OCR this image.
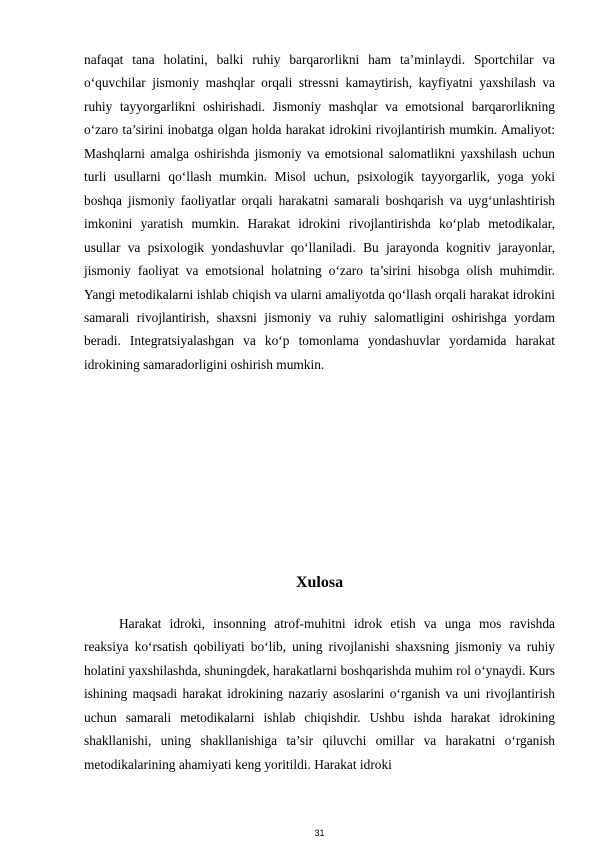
nafaqat tana holatini, balki ruhiy barqarorlikni ham ta’minlaydi. Sportchilar va o‘quvchilar jismoniy mashqlar orqali stressni kamaytirish, kayfiyatni yaxshilash va ruhiy tayyorgarlikni oshirishadi. Jismoniy mashqlar va emotsional barqarorlikning o‘zaro ta’sirini inobatga olgan holda harakat idrokini rivojlantirish mumkin. Amaliyot: Mashqlarni amalga oshirishda jismoniy va emotsional salomatlikni yaxshilash uchun turli usullarni qo‘llash mumkin. Misol uchun, psixologik tayyorgarlik, yoga yoki boshqa jismoniy faoliyatlar orqali harakatni samarali boshqarish va uyg‘unlashtirish imkonini yaratish mumkin. Harakat idrokini rivojlantirishda ko‘plab metodikalar, usullar va psixologik yondashuvlar qo‘llaniladi. Bu jarayonda kognitiv jarayonlar, jismoniy faoliyat va emotsional holatning o‘zaro ta’sirini hisobga olish muhimdir. Yangi metodikalarni ishlab chiqish va ularni amaliyotda qo‘llash orqali harakat idrokini samarali rivojlantirish, shaxsni jismoniy va ruhiy salomatligini oshirishga yordam beradi. Integratsiyalashgan va ko‘p tomonlama yondashuvlar yordamida harakat idrokining samaradorligini oshirish mumkin.

Xulosa

Harakat idroki, insonning atrof-muhitni idrok etish va unga mos ravishda reaksiya ko‘rsatish qobiliyati bo‘lib, uning rivojlanishi shaxsning jismoniy va ruhiy holatini yaxshilashda, shuningdek, harakatlarni boshqarishda muhim rol o‘ynaydi. Kurs ishining maqsadi harakat idrokining nazariy asoslarini o‘rganish va uni rivojlantirish uchun samarali metodikalarni ishlab chiqishdir. Ushbu ishda harakat idrokining shakllanishi, uning shakllanishiga ta’sir qiluvchi omillar va harakatni o‘rganish metodikalarining ahamiyati keng yoritildi. Harakat idroki

31
